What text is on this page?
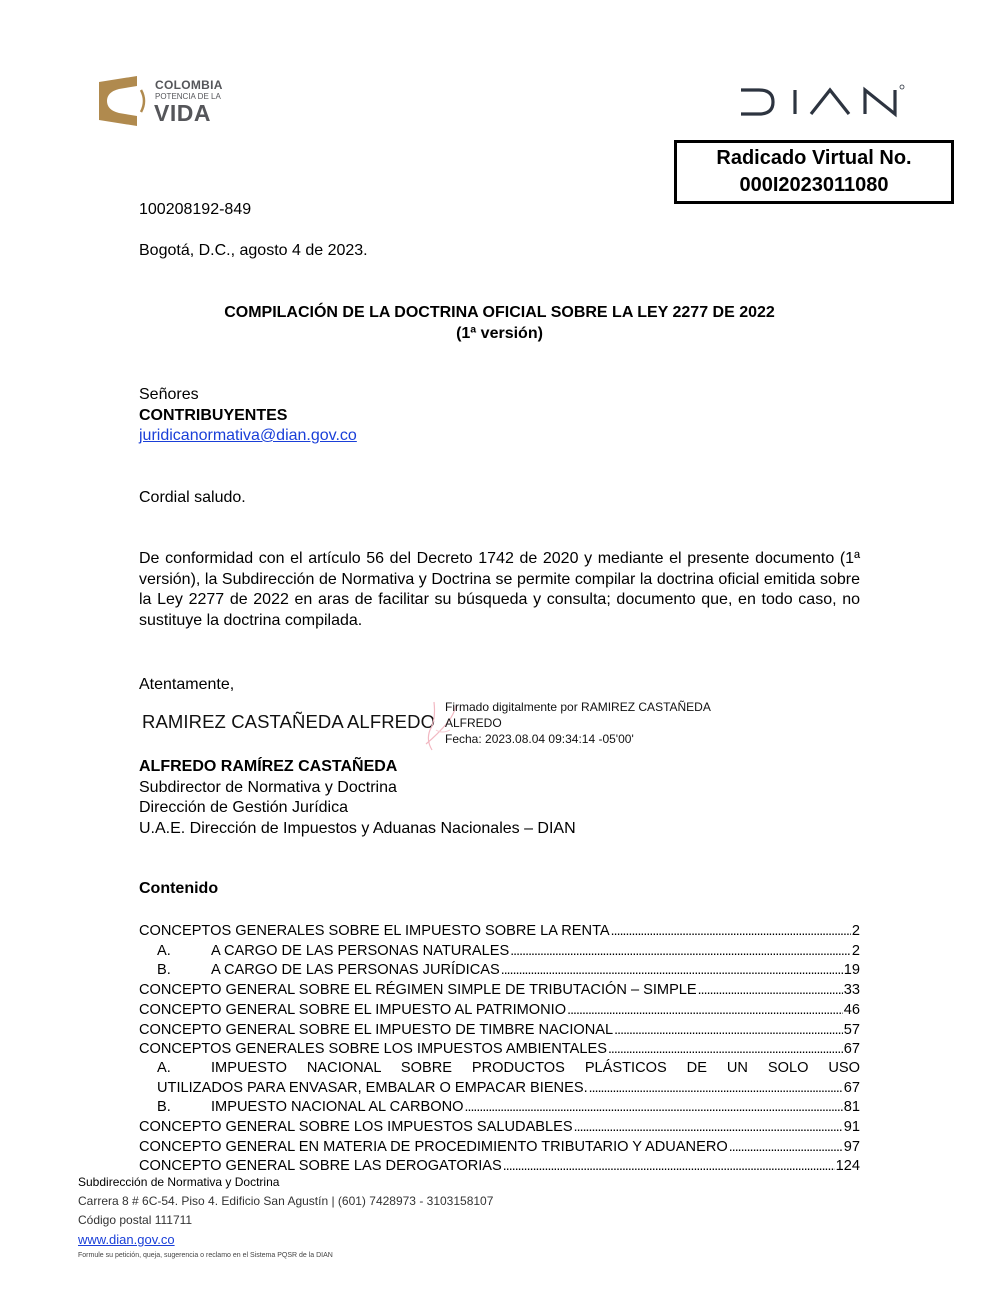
COLOMBIA
POTENCIA DE LA
VIDA
Radicado Virtual No.
000I2023011080
100208192-849
Bogotá, D.C., agosto 4 de 2023.
COMPILACIÓN DE LA DOCTRINA OFICIAL SOBRE LA LEY 2277 DE 2022
(1ª versión)
Señores
CONTRIBUYENTES
juridicanormativa@dian.gov.co
Cordial saludo.
De conformidad con el artículo 56 del Decreto 1742 de 2020 y mediante el presente documento (1ª versión), la Subdirección de Normativa y Doctrina se permite compilar la doctrina oficial emitida sobre la Ley 2277 de 2022 en aras de facilitar su búsqueda y consulta; documento que, en todo caso, no sustituye la doctrina compilada.
Atentamente,
RAMIREZ CASTAÑEDA ALFREDO
Firmado digitalmente por RAMIREZ CASTAÑEDA
ALFREDO
Fecha: 2023.08.04 09:34:14 -05'00'
ALFREDO RAMÍREZ CASTAÑEDA
Subdirector de Normativa y Doctrina
Dirección de Gestión Jurídica
U.A.E. Dirección de Impuestos y Aduanas Nacionales – DIAN
Contenido
CONCEPTOS GENERALES SOBRE EL IMPUESTO SOBRE LA RENTA . . .	2
A.	A CARGO DE LAS PERSONAS NATURALES . . .	2
B.	A CARGO DE LAS PERSONAS JURÍDICAS . . .	19
CONCEPTO GENERAL SOBRE EL RÉGIMEN SIMPLE DE TRIBUTACIÓN – SIMPLE . . .	33
CONCEPTO GENERAL SOBRE EL IMPUESTO AL PATRIMONIO . . .	46
CONCEPTO GENERAL SOBRE EL IMPUESTO DE TIMBRE NACIONAL . . .	57
CONCEPTOS GENERALES SOBRE LOS IMPUESTOS AMBIENTALES . . .	67
A.	IMPUESTO NACIONAL SOBRE PRODUCTOS PLÁSTICOS DE UN SOLO USO
UTILIZADOS PARA ENVASAR, EMBALAR O EMPACAR BIENES. . . .	67
B.	IMPUESTO NACIONAL AL CARBONO . . .	81
CONCEPTO GENERAL SOBRE LOS IMPUESTOS SALUDABLES . . .	91
CONCEPTO GENERAL EN MATERIA DE PROCEDIMIENTO TRIBUTARIO Y ADUANERO . . .	97
CONCEPTO GENERAL SOBRE LAS DEROGATORIAS . . .	124
Subdirección de Normativa y Doctrina
Carrera 8 # 6C-54. Piso 4. Edificio San Agustín | (601) 7428973 - 3103158107
Código postal 111711
www.dian.gov.co
Formule su petición, queja, sugerencia o reclamo en el Sistema PQSR de la DIAN
